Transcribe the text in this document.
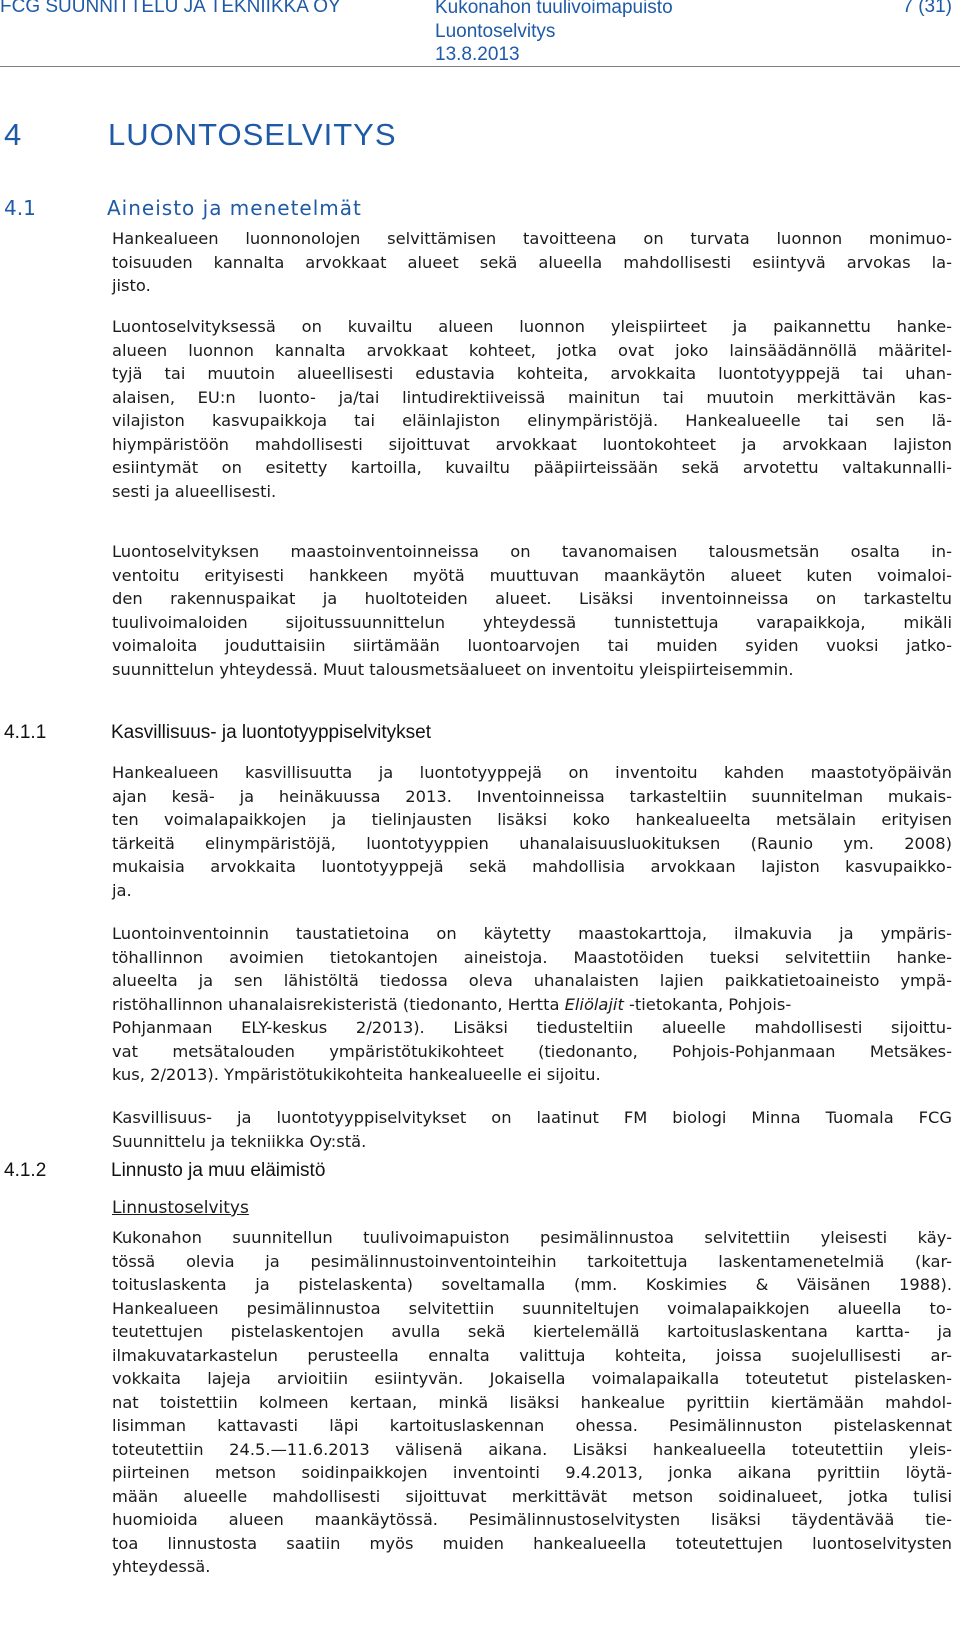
FCG SUUNNITTELU JA TEKNIIKKA OY	Kukonahon tuulivoimapuisto
Luontoselvitys
13.8.2013
7 (31)
4	LUONTOSELVITYS
4.1	Aineisto ja menetelmät
Hankealueen luonnonolojen selvittämisen tavoitteena on turvata luonnon monimuo-
toisuuden kannalta arvokkaat alueet sekä alueella mahdollisesti esiintyvä arvokas la-
jisto.
Luontoselvityksessä on kuvailtu alueen luonnon yleispiirteet ja paikannettu hanke-
alueen luonnon kannalta arvokkaat kohteet, jotka ovat joko lainsäädännöllä määritel-
tyjä tai muutoin alueellisesti edustavia kohteita, arvokkaita luontotyyppejä tai uhan-
alaisen, EU:n luonto- ja/tai lintudirektiiveissä mainitun tai muutoin merkittävän kas-
vilajiston kasvupaikkoja tai eläinlajiston elinympäristöjä. Hankealueelle tai sen lä-
hiympäristöön mahdollisesti sijoittuvat arvokkaat luontokohteet ja arvokkaan lajiston
esiintymät on esitetty kartoilla, kuvailtu pääpiirteissään sekä arvotettu valtakunnalli-
sesti ja alueellisesti.
Luontoselvityksen maastoinventoinneissa on tavanomaisen talousmetsän osalta in-
ventoitu erityisesti hankkeen myötä muuttuvan maankäytön alueet kuten voimaloi-
den rakennuspaikat ja huoltoteiden alueet. Lisäksi inventoinneissa on tarkasteltu
tuulivoimaloiden sijoitussuunnittelun yhteydessä tunnistettuja varapaikkoja, mikäli
voimaloita jouduttaisiin siirtämään luontoarvojen tai muiden syiden vuoksi jatko-
suunnittelun yhteydessä. Muut talousmetsäalueet on inventoitu yleispiirteisemmin.
4.1.1	Kasvillisuus- ja luontotyyppiselvitykset
Hankealueen kasvillisuutta ja luontotyyppejä on inventoitu kahden maastotyöpäivän
ajan kesä- ja heinäkuussa 2013. Inventoinneissa tarkasteltiin suunnitelman mukais-
ten voimalapaikkojen ja tielinjausten lisäksi koko hankealueelta metsälain erityisen
tärkeitä elinympäristöjä, luontotyyppien uhanalaisuusluokituksen (Raunio ym. 2008)
mukaisia arvokkaita luontotyyppejä sekä mahdollisia arvokkaan lajiston kasvupaikko-
ja.
Luontoinventoinnin taustatietoina on käytetty maastokarttoja, ilmakuvia ja ympäris-
töhallinnon avoimien tietokantojen aineistoja. Maastotöiden tueksi selvitettiin hanke-
alueelta ja sen lähistöltä tiedossa oleva uhanalaisten lajien paikkatietoaineisto ympä-
ristöhallinnon uhanalaisrekisteristä (tiedonanto, Hertta Eliölajit -tietokanta, Pohjois-
Pohjanmaan ELY-keskus 2/2013). Lisäksi tiedusteltiin alueelle mahdollisesti sijoittu-
vat metsätalouden ympäristötukikohteet (tiedonanto, Pohjois-Pohjanmaan Metsäkes-
kus, 2/2013). Ympäristötukikohteita hankealueelle ei sijoitu.
Kasvillisuus- ja luontotyyppiselvitykset on laatinut FM biologi Minna Tuomala FCG
Suunnittelu ja tekniikka Oy:stä.
4.1.2	Linnusto ja muu eläimistö
Linnustoselvitys
Kukonahon suunnitellun tuulivoimapuiston pesimälinnustoa selvitettiin yleisesti käy-
tössä olevia ja pesimälinnustoinventointeihin tarkoitettuja laskentamenetelmiä (kar-
toituslaskenta ja pistelaskenta) soveltamalla (mm. Koskimies & Väisänen 1988).
Hankealueen pesimälinnustoa selvitettiin suunniteltujen voimalapaikkojen alueella to-
teutettujen pistelaskentojen avulla sekä kiertelemällä kartoituslaskentana kartta- ja
ilmakuvatarkastelun perusteella ennalta valittuja kohteita, joissa suojelullisesti ar-
vokkaita lajeja arvioitiin esiintyvän. Jokaisella voimalapaikalla toteutetut pistelasken-
nat toistettiin kolmeen kertaan, minkä lisäksi hankealue pyrittiin kiertämään mahdol-
lisimman kattavasti läpi kartoituslaskennan ohessa. Pesimälinnuston pistelaskennat
toteutettiin 24.5.—11.6.2013 välisenä aikana. Lisäksi hankealueella toteutettiin yleis-
piirteinen metson soidinpaikkojen inventointi 9.4.2013, jonka aikana pyrittiin löytä-
mään alueelle mahdollisesti sijoittuvat merkittävät metson soidinalueet, jotka tulisi
huomioida alueen maankäytössä. Pesimälinnustoselvitysten lisäksi täydentävää tie-
toa linnustosta saatiin myös muiden hankealueella toteutettujen luontoselvitysten
yhteydessä.
